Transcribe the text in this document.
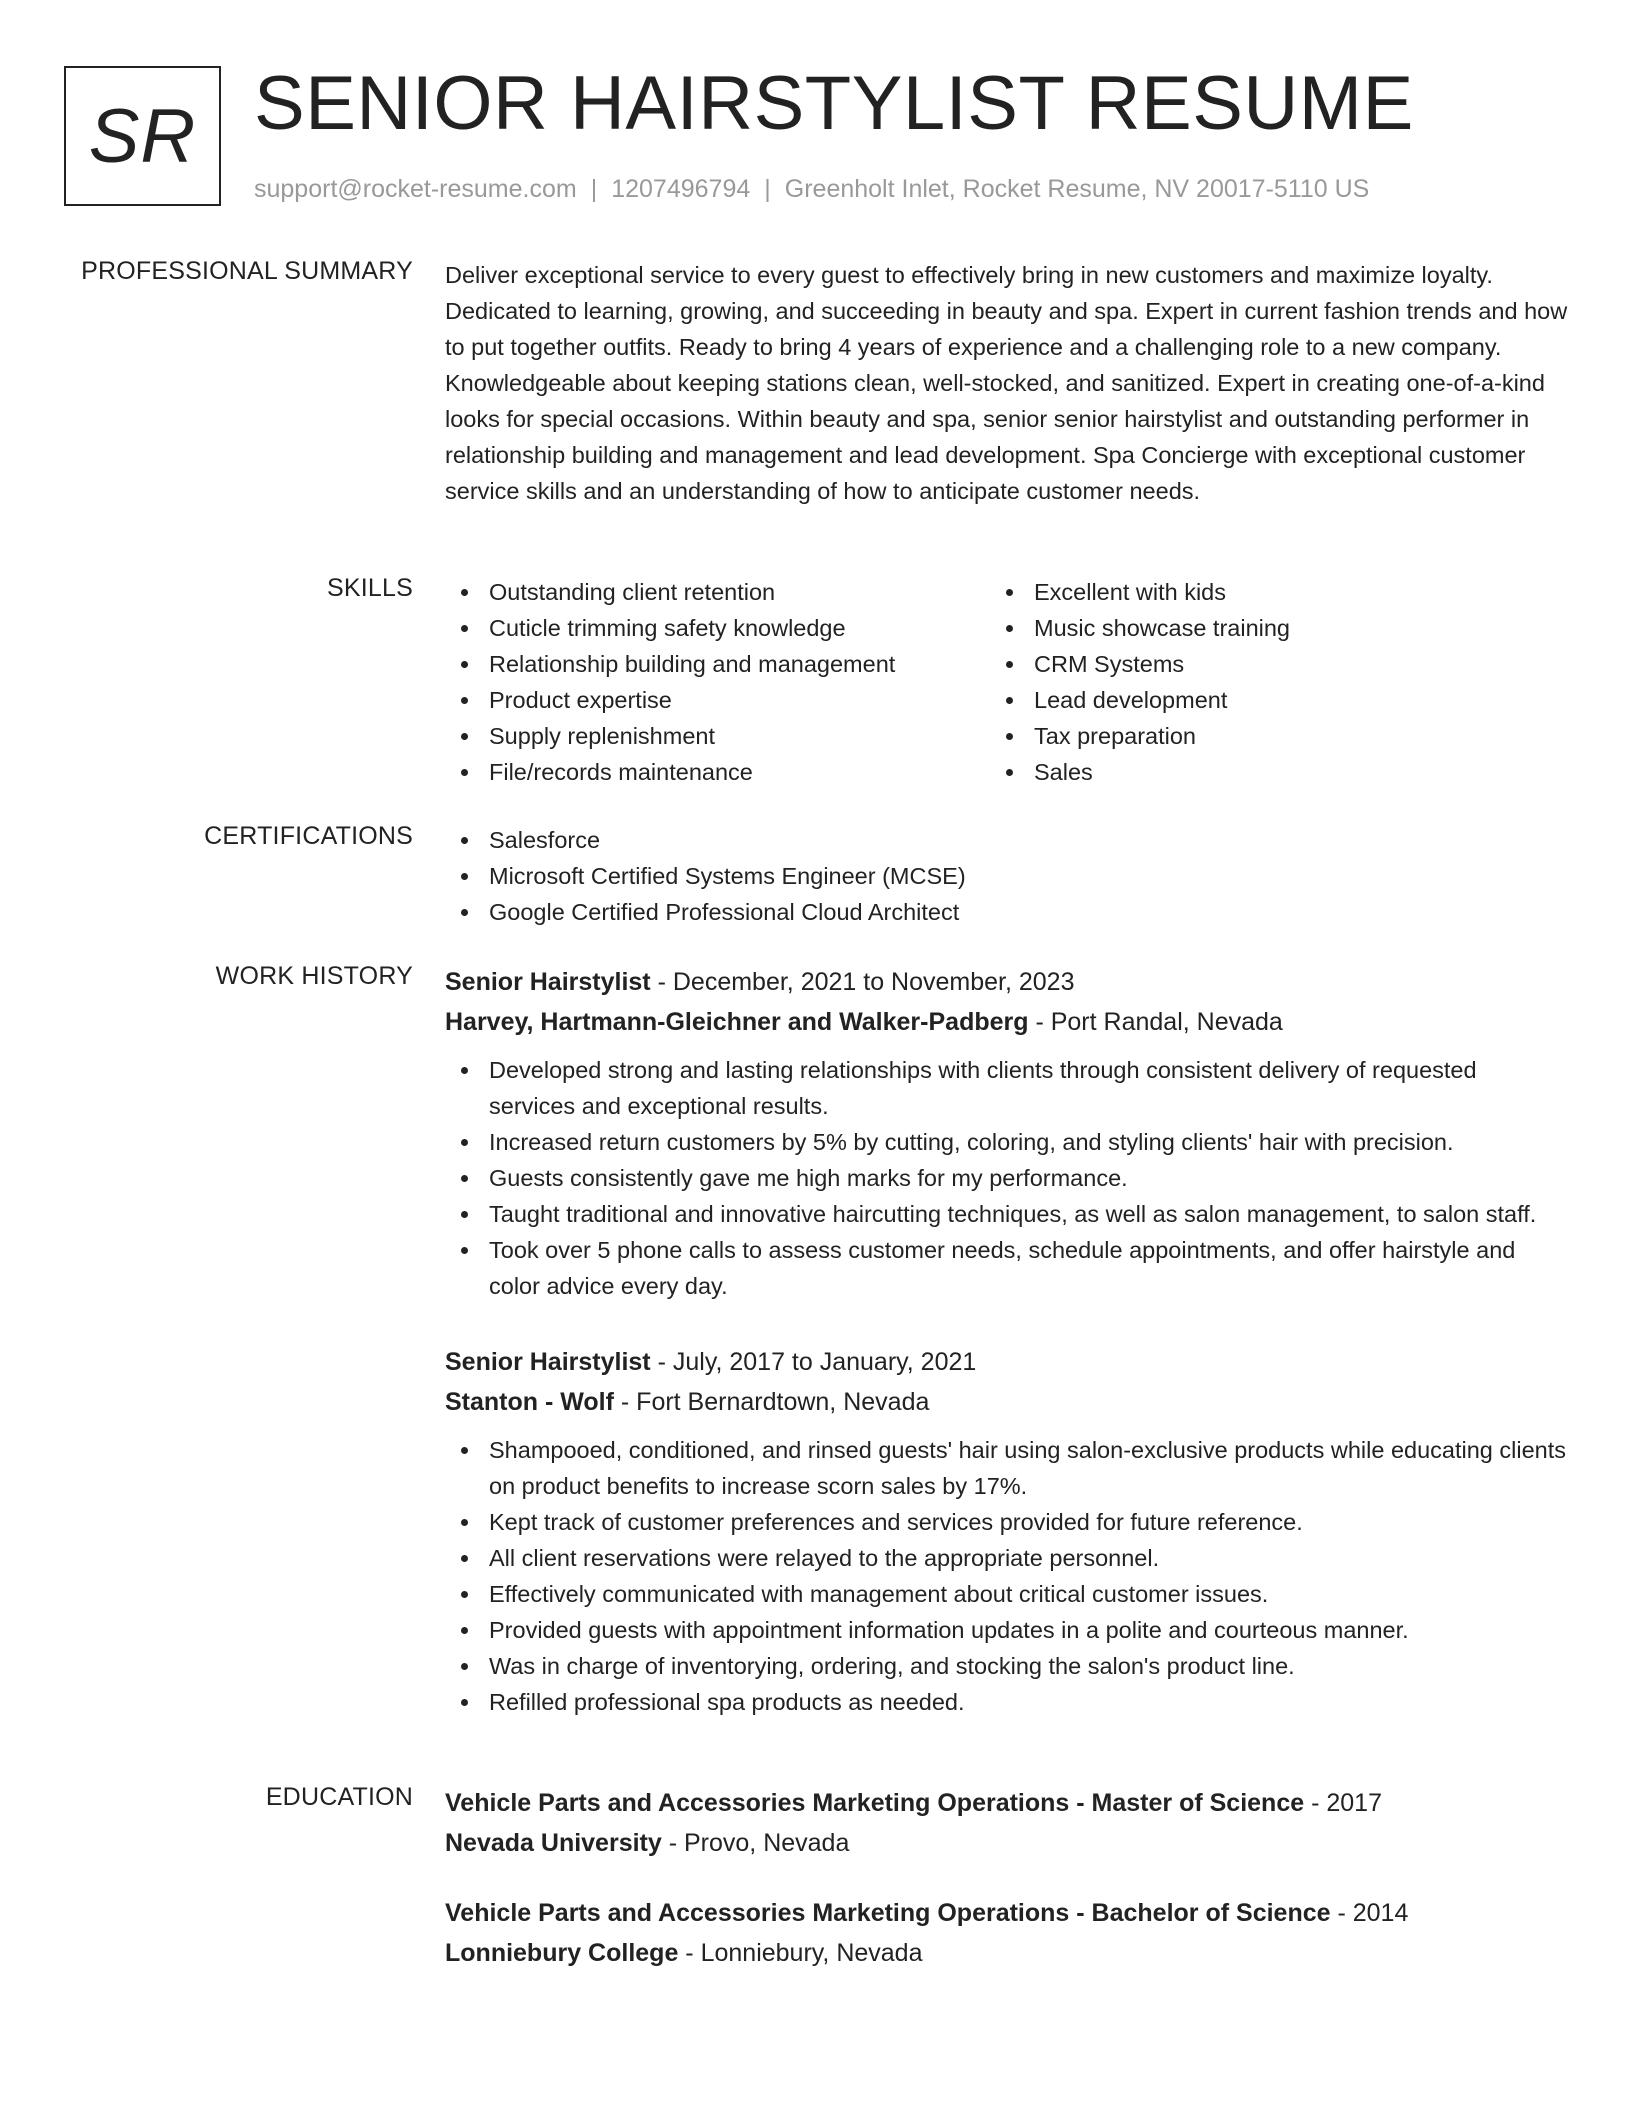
SR SENIOR HAIRSTYLIST RESUME
support@rocket-resume.com | 1207496794 | Greenholt Inlet, Rocket Resume, NV 20017-5110 US
PROFESSIONAL SUMMARY Deliver exceptional service to every guest to effectively bring in new customers and maximize loyalty. Dedicated to learning, growing, and succeeding in beauty and spa. Expert in current fashion trends and how to put together outfits. Ready to bring 4 years of experience and a challenging role to a new company. Knowledgeable about keeping stations clean, well-stocked, and sanitized. Expert in creating one-of-a-kind looks for special occasions. Within beauty and spa, senior senior hairstylist and outstanding performer in relationship building and management and lead development. Spa Concierge with exceptional customer service skills and an understanding of how to anticipate customer needs.

SKILLS	Outstanding client retention
Cuticle trimming safety knowledge
Relationship building and management
Product expertise
Supply replenishment
File/records maintenance
Excellent with kids
Music showcase training
CRM Systems
Lead development
Tax preparation
Sales
CERTIFICATIONS	Salesforce
Microsoft Certified Systems Engineer (MCSE)
Google Certified Professional Cloud Architect
WORK HISTORY Senior Hairstylist - December, 2021 to November, 2023
Harvey, Hartmann-Gleichner and Walker-Padberg - Port Randal, Nevada
Developed strong and lasting relationships with clients through consistent delivery of requested services and exceptional results.
Increased return customers by 5% by cutting, coloring, and styling clients' hair with precision.
Guests consistently gave me high marks for my performance.
Taught traditional and innovative haircutting techniques, as well as salon management, to salon staff.
Took over 5 phone calls to assess customer needs, schedule appointments, and offer hairstyle and color advice every day.
Senior Hairstylist - July, 2017 to January, 2021
Stanton - Wolf - Fort Bernardtown, Nevada
Shampooed, conditioned, and rinsed guests' hair using salon-exclusive products while educating clients on product benefits to increase scorn sales by 17%.
Kept track of customer preferences and services provided for future reference.
All client reservations were relayed to the appropriate personnel.
Effectively communicated with management about critical customer issues.
Provided guests with appointment information updates in a polite and courteous manner.
Was in charge of inventorying, ordering, and stocking the salon's product line.
Refilled professional spa products as needed.
EDUCATION Vehicle Parts and Accessories Marketing Operations - Master of Science - 2017
Nevada University - Provo, Nevada
Vehicle Parts and Accessories Marketing Operations - Bachelor of Science - 2014
Lonniebury College - Lonniebury, Nevada
